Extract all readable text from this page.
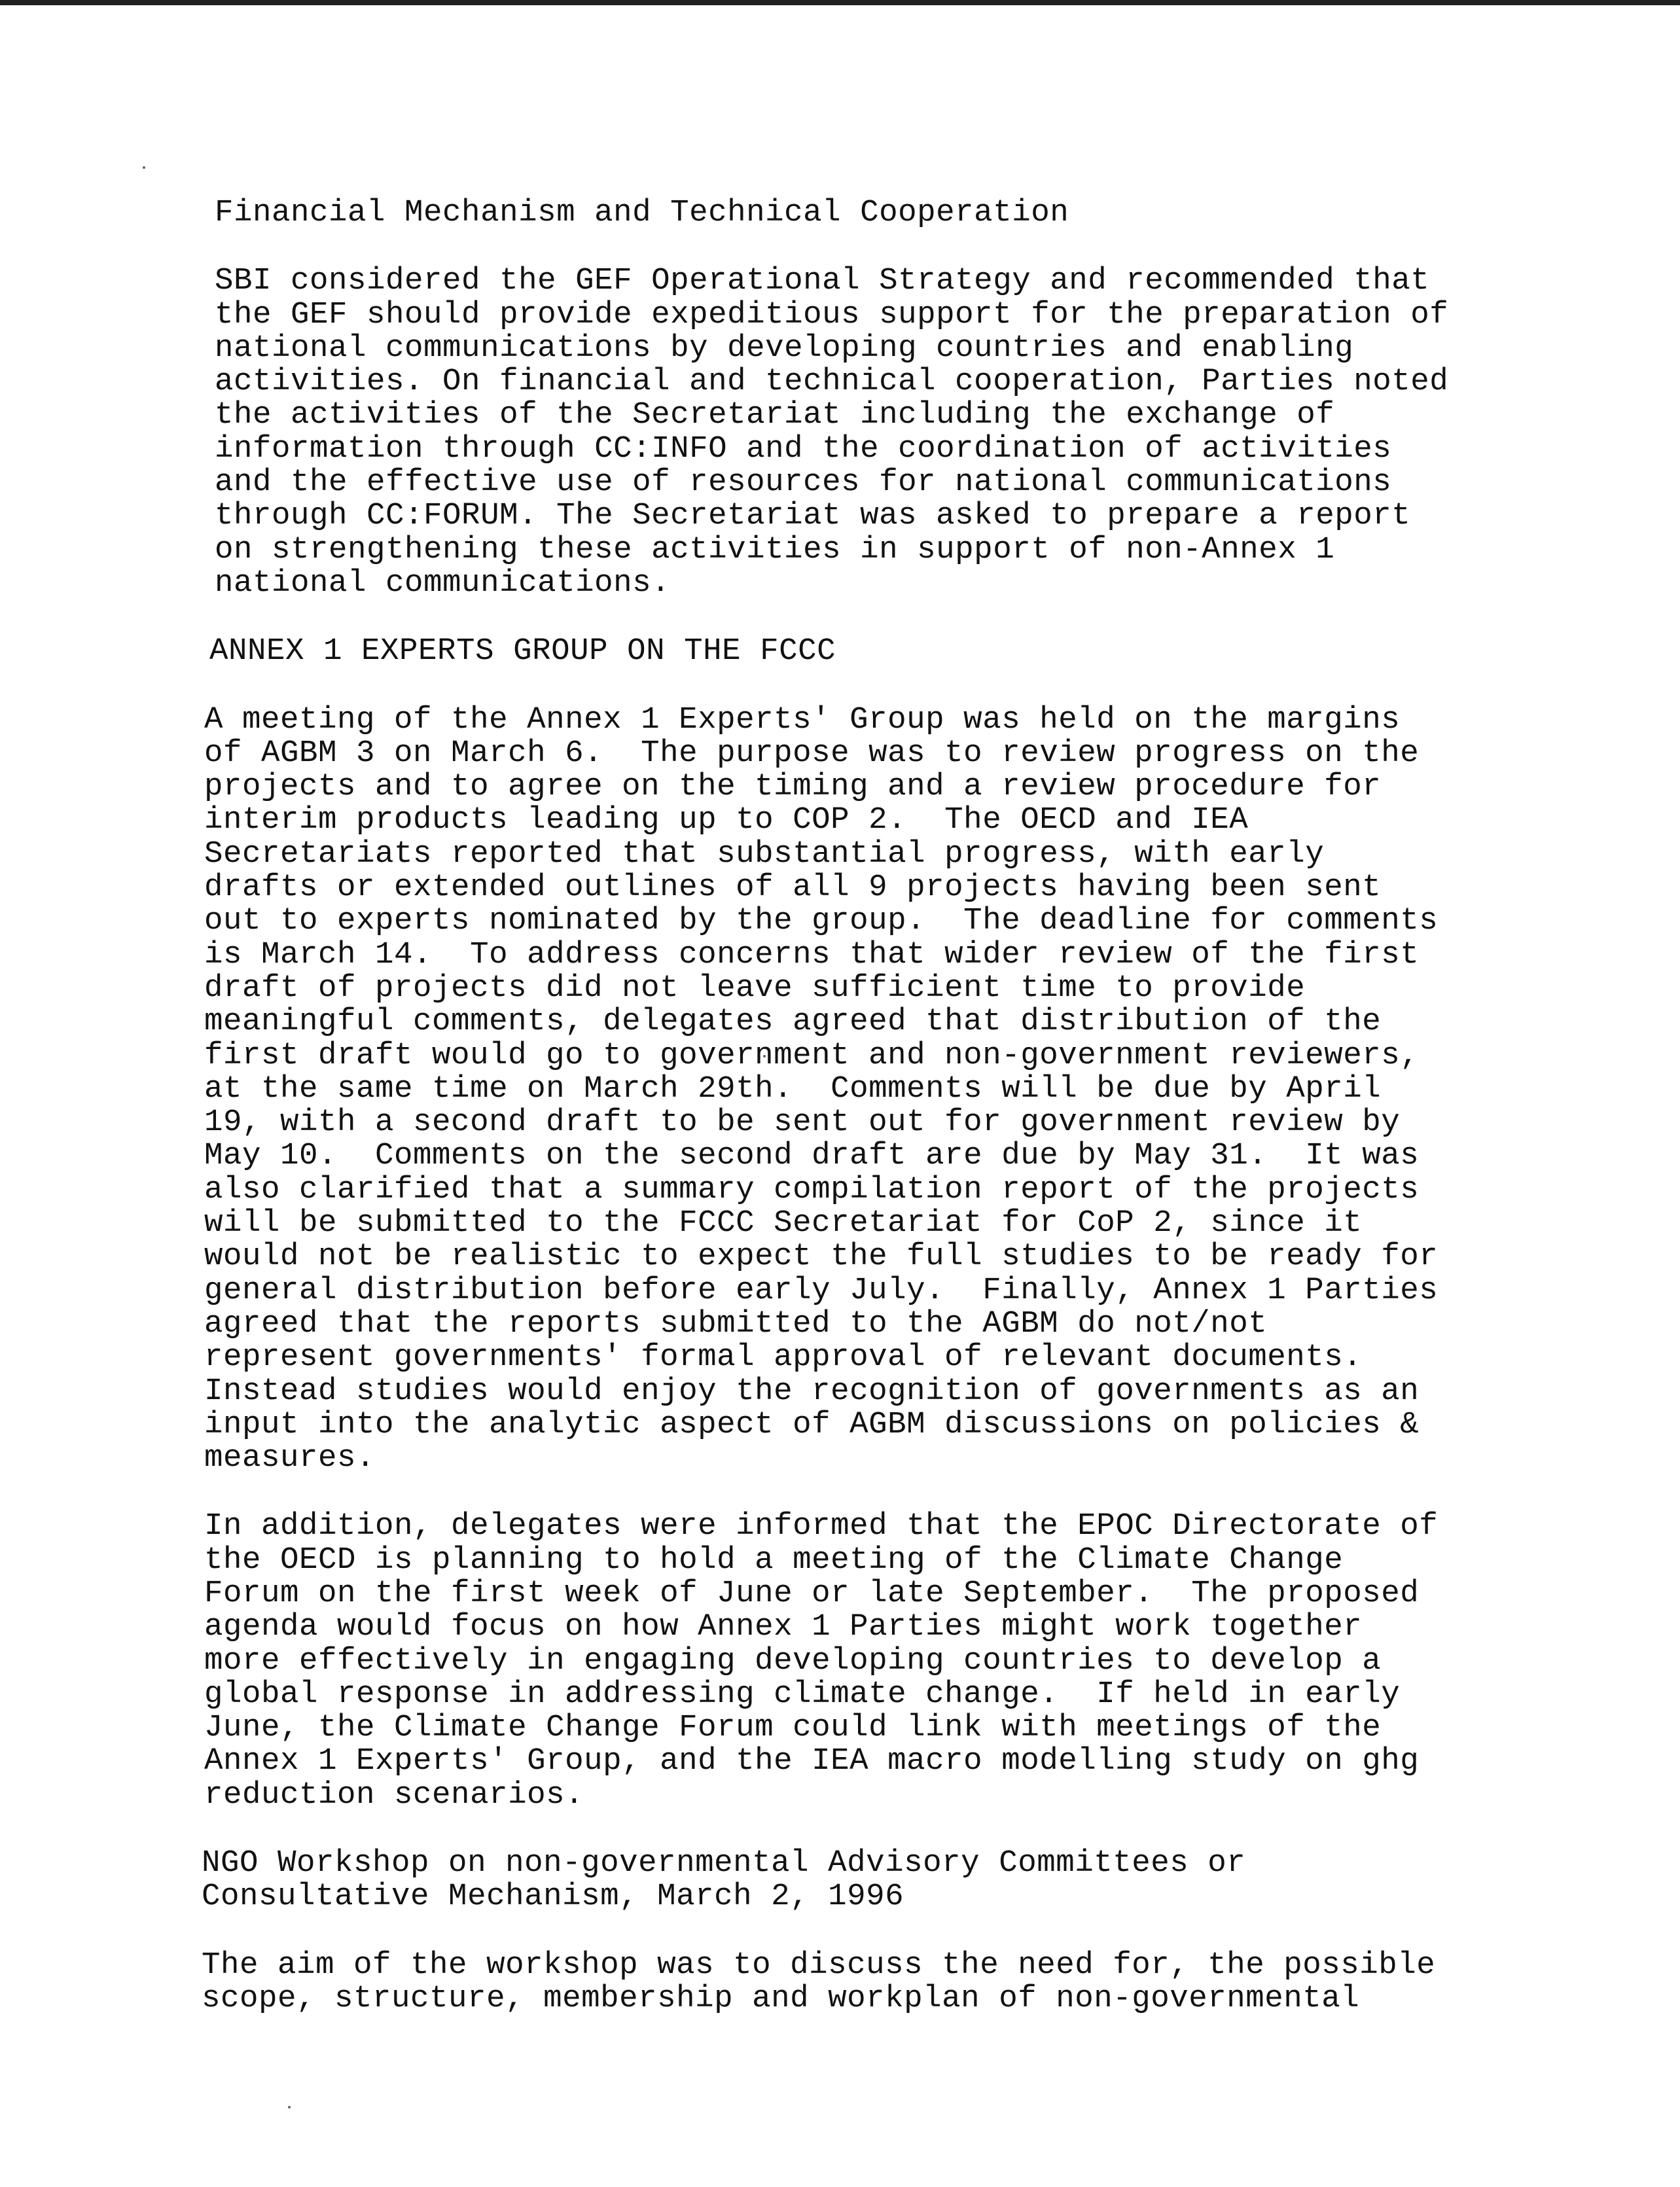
Financial Mechanism and Technical Cooperation
SBI considered the GEF Operational Strategy and recommended that
the GEF should provide expeditious support for the preparation of
national communications by developing countries and enabling
activities. On financial and technical cooperation, Parties noted
the activities of the Secretariat including the exchange of
information through CC:INFO and the coordination of activities
and the effective use of resources for national communications
through CC:FORUM. The Secretariat was asked to prepare a report
on strengthening these activities in support of non-Annex 1
national communications.
ANNEX 1 EXPERTS GROUP ON THE FCCC
A meeting of the Annex 1 Experts' Group was held on the margins
of AGBM 3 on March 6.  The purpose was to review progress on the
projects and to agree on the timing and a review procedure for
interim products leading up to COP 2.  The OECD and IEA
Secretariats reported that substantial progress, with early
drafts or extended outlines of all 9 projects having been sent
out to experts nominated by the group.  The deadline for comments
is March 14.  To address concerns that wider review of the first
draft of projects did not leave sufficient time to provide
meaningful comments, delegates agreed that distribution of the
first draft would go to government and non-government reviewers,
at the same time on March 29th.  Comments will be due by April
19, with a second draft to be sent out for government review by
May 10.  Comments on the second draft are due by May 31.  It was
also clarified that a summary compilation report of the projects
will be submitted to the FCCC Secretariat for CoP 2, since it
would not be realistic to expect the full studies to be ready for
general distribution before early July.  Finally, Annex 1 Parties
agreed that the reports submitted to the AGBM do not/not
represent governments' formal approval of relevant documents.
Instead studies would enjoy the recognition of governments as an
input into the analytic aspect of AGBM discussions on policies &
measures.
In addition, delegates were informed that the EPOC Directorate of
the OECD is planning to hold a meeting of the Climate Change
Forum on the first week of June or late September.  The proposed
agenda would focus on how Annex 1 Parties might work together
more effectively in engaging developing countries to develop a
global response in addressing climate change.  If held in early
June, the Climate Change Forum could link with meetings of the
Annex 1 Experts' Group, and the IEA macro modelling study on ghg
reduction scenarios.
NGO Workshop on non-governmental Advisory Committees or
Consultative Mechanism, March 2, 1996
The aim of the workshop was to discuss the need for, the possible
scope, structure, membership and workplan of non-governmental
